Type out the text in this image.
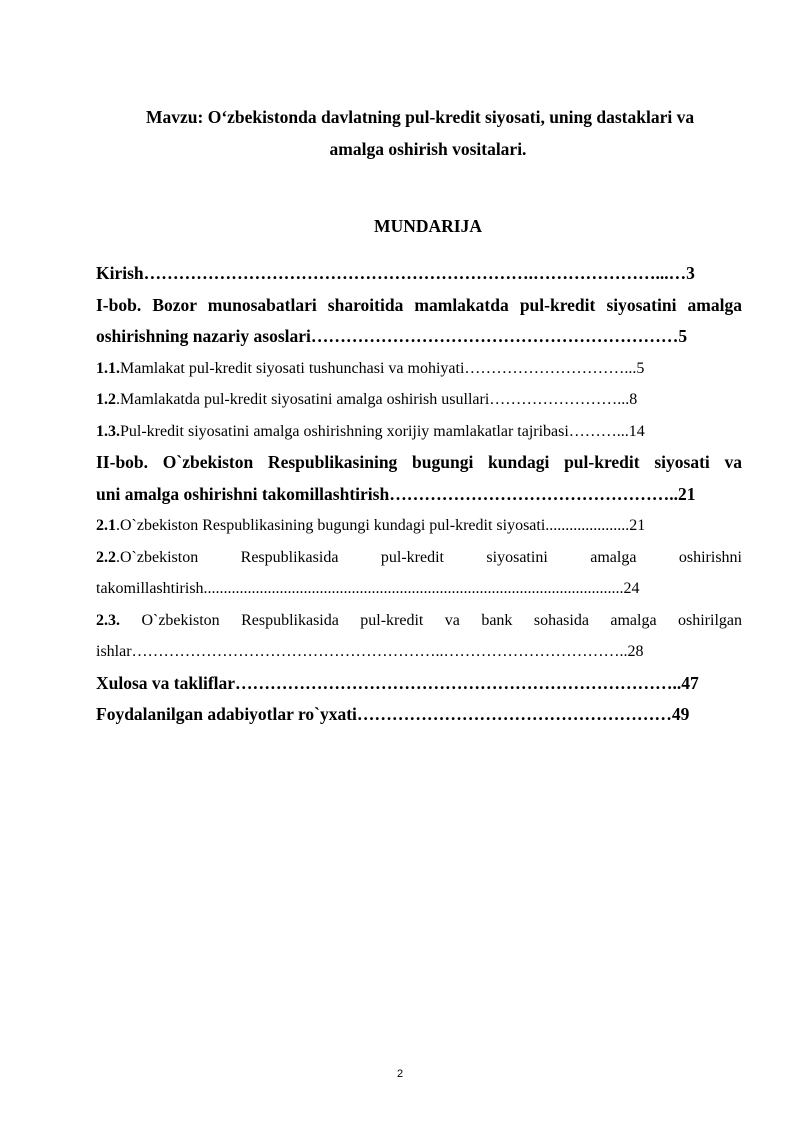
Mavzu: O‘zbekistonda davlatning pul-kredit siyosati, uning dastaklari va
amalga oshirish vositalari.
MUNDARIJA
Kirish………………………………………………………….…………………...…3
I-bob. Bozor munosabatlari sharoitida mamlakatda pul-kredit siyosatini amalga
oshirishning nazariy asoslari………………………………………………………5
1.1.Mamlakat pul-kredit siyosati tushunchasi va mohiyati…………………………...5
1.2.Mamlakatda pul-kredit siyosatini amalga oshirish usullari……………………...8
1.3.Pul-kredit siyosatini amalga oshirishning xorijiy mamlakatlar tajribasi………...14
II-bob. O`zbekiston Respublikasining bugungi kundagi pul-kredit siyosati va
uni amalga oshirishni takomillashtirish…………………………………………..21
2.1.O`zbekiston Respublikasining bugungi kundagi pul-kredit siyosati.....................21
2.2.O`zbekiston Respublikasida pul-kredit siyosatini amalga oshirishni
takomillashtirish.........................................................................................................24
2.3. O`zbekiston Respublikasida pul-kredit va bank sohasida amalga oshirilgan
ishlar…………………………………………………..……………………………..28
Xulosa va takliflar…………………………………………………………………..47
Foydalanilgan adabiyotlar ro`yxati………………………………………………49
2
